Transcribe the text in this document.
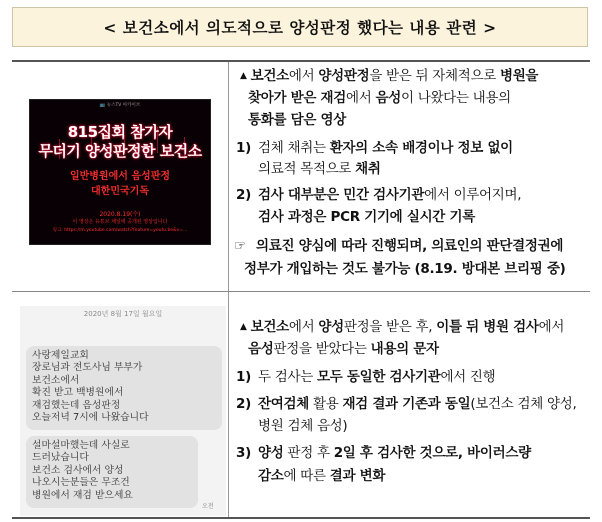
< 보건소에서 의도적으로 양성판정 했다는 내용 관련 >
📺 뉴스TV 아카이브
815집회 참가자
무더기 양성판정한 보건소
일반병원에서 음성판정
대한민국기독
2020.8.19(수)
이 영상은 유튜브 채널에 공개된 영상입니다
링크: https://m.youtube.com/watch?feature=youtu.be&v=...
▲ 보건소에서 양성판정을 받은 뒤 자체적으로 병원을
찾아가 받은 재검에서 음성이 나왔다는 내용의
통화를 담은 영상
1) 검체 채취는 환자의 소속 배경이나 정보 없이
의료적 목적으로 채취
2) 검사 대부분은 민간 검사기관에서 이루어지며,
검사 과정은 PCR 기기에 실시간 기록
☞ 의료진 양심에 따라 진행되며, 의료인의 판단결정권에
정부가 개입하는 것도 불가능 (8.19. 방대본 브리핑 중)
2020년 8월 17일 월요일
사랑제일교회
장로님과 전도사님 부부가
보건소에서
확진 받고 백병원에서
재검했는데 음성판정
오늘저녁 7시에 나왔습니다
설마설마했는데 사실로
드러났습니다
보건소 검사에서 양성
나오시는분들은 무조건
병원에서 재검 받으세요
오전
▲ 보건소에서 양성판정을 받은 후, 이틀 뒤 병원 검사에서
음성판정을 받았다는 내용의 문자
1) 두 검사는 모두 동일한 검사기관에서 진행
2) 잔여검체 활용 재검 결과 기존과 동일(보건소 검체 양성,
병원 검체 음성)
3) 양성 판정 후 2일 후 검사한 것으로, 바이러스량
감소에 따른 결과 변화
